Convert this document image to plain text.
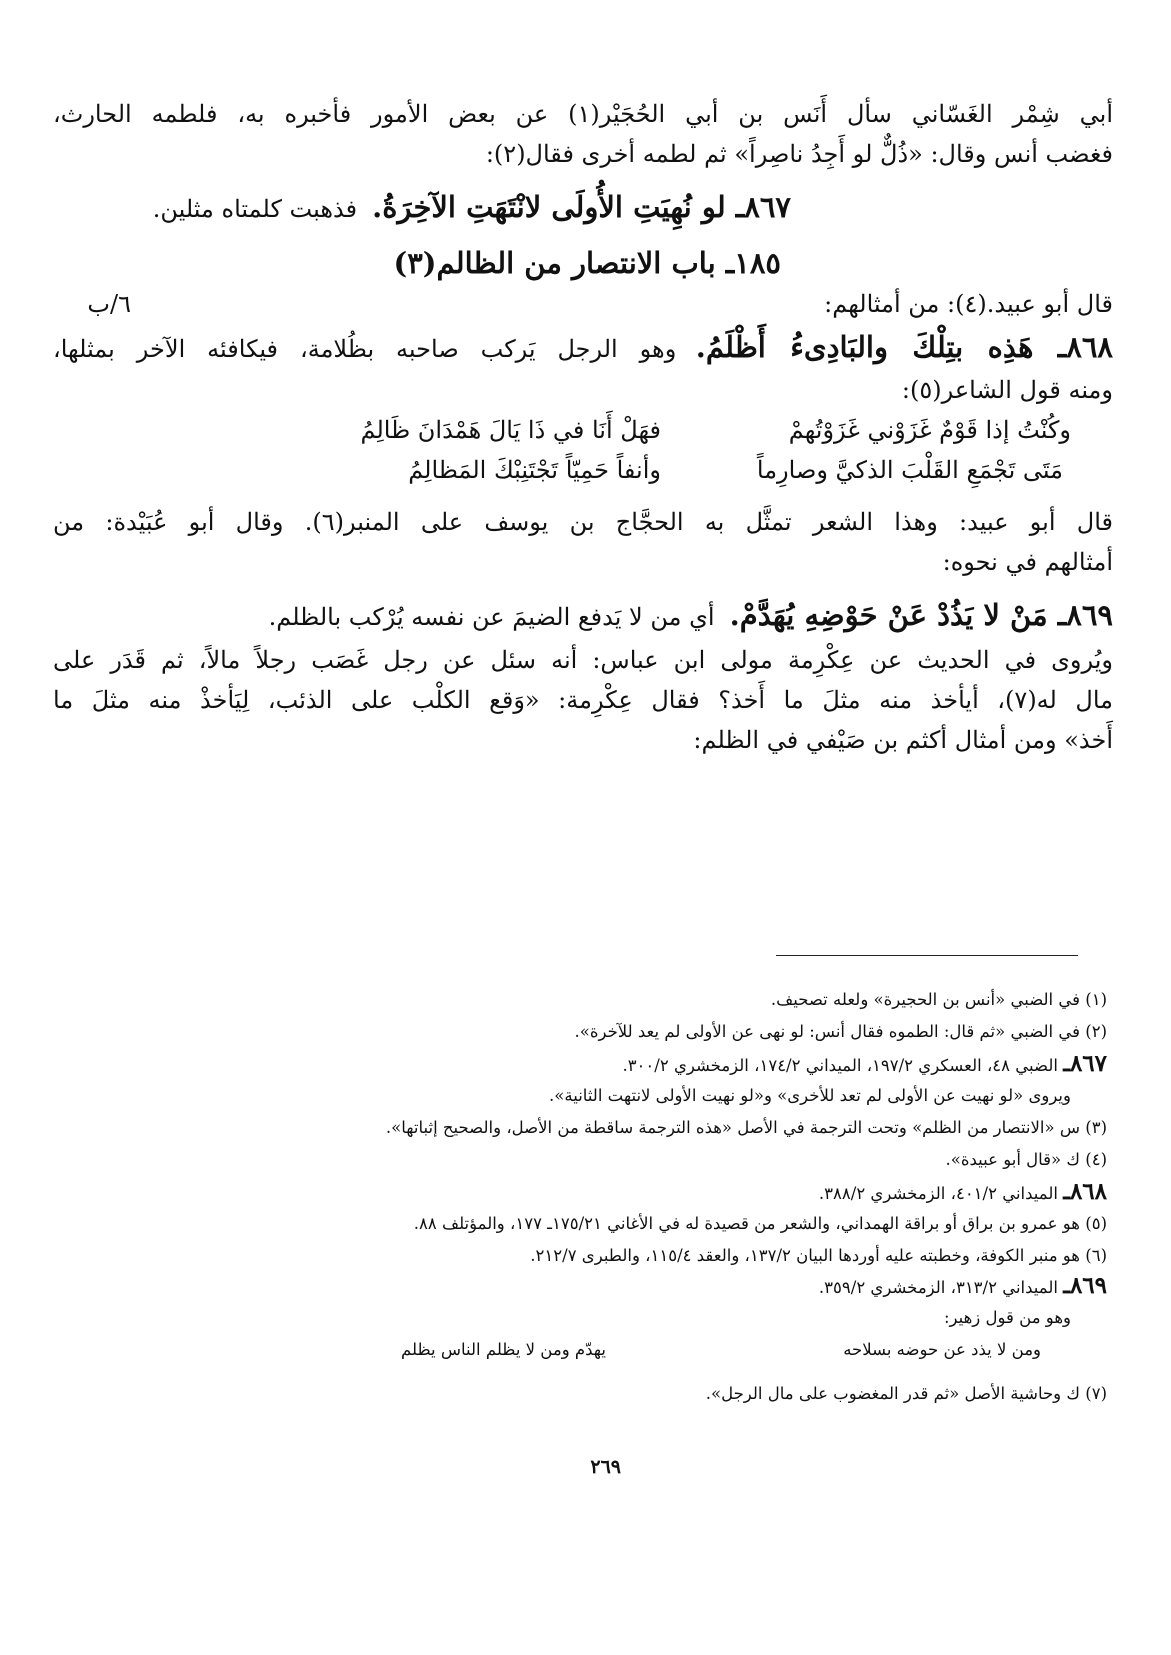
أبي شِمْر الغَسّاني سأل أَنَس بن أبي الحُجَيْر(١) عن بعض الأمور فأخبره به، فلطمه الحارث،
فغضب أنس وقال: «ذُلٌّ لو أَجِدُ ناصِراً» ثم لطمه أخرى فقال(٢):
٨٦٧ـ لو نُهِيَتِ الأُولَى لانْتَهَتِ الآخِرَةُ. فذهبت كلمتاه مثلين.
١٨٥ـ باب الانتصار من الظالم(٣)
٦/ب	قال أبو عبيد.(٤): من أمثالهم:
٨٦٨ـ هَذِه بتِلْكَ والبَادِىءُ أَظْلَمُ. وهو الرجل يَركب صاحبه بظُلامة، فيكافئه الآخر بمثلها،
ومنه قول الشاعر(٥):
وكُنْتُ إذا قَوْمٌ غَزَوْني غَزَوْتُهمْ
فهَلْ أَنَا في ذَا يَالَ هَمْدَانَ ظَالِمُ
مَتَى تَجْمَعِ القَلْبَ الذكيَّ وصارِماً
وأنفاً حَمِيّاً تَجْتَنِبْكَ المَظالِمُ
قال أبو عبيد: وهذا الشعر تمثَّل به الحجَّاج بن يوسف على المنبر(٦). وقال أبو عُبَيْدة: من
أمثالهم في نحوه:
٨٦٩ـ مَنْ لا يَذُدْ عَنْ حَوْضِهِ يُهَدَّمْ. أي من لا يَدفع الضيمَ عن نفسه يُرْكب بالظلم.
ويُروى في الحديث عن عِكْرِمة مولى ابن عباس: أنه سئل عن رجل غَصَب رجلاً مالاً، ثم قَدَر على
مال له(٧)، أيأخذ منه مثلَ ما أَخذ؟ فقال عِكْرِمة: «وَقع الكلْب على الذئب، لِيَأخذْ منه مثلَ ما
أَخذ» ومن أمثال أكثم بن صَيْفي في الظلم:
(١) في الضبي «أنس بن الحجيرة» ولعله تصحيف.
(٢) في الضبي «ثم قال: الطموه فقال أنس: لو نهى عن الأولى لم يعد للآخرة».
٨٦٧ـ الضبي ٤٨، العسكري ١٩٧/٢، الميداني ١٧٤/٢، الزمخشري ٣٠٠/٢.
ويروى «لو نهيت عن الأولى لم تعد للأخرى» و«لو نهيت الأولى لانتهت الثانية».
(٣) س «الانتصار من الظلم» وتحت الترجمة في الأصل «هذه الترجمة ساقطة من الأصل، والصحيح إثباتها».
(٤) ك «قال أبو عبيدة».
٨٦٨ـ الميداني ٤٠١/٢، الزمخشري ٣٨٨/٢.
(٥) هو عمرو بن براق أو براقة الهمداني، والشعر من قصيدة له في الأغاني ١٧٥/٢١ـ ١٧٧، والمؤتلف ٨٨.
(٦) هو منبر الكوفة، وخطبته عليه أوردها البيان ١٣٧/٢، والعقد ١١٥/٤، والطبرى ٢١٢/٧.
٨٦٩ـ الميداني ٣١٣/٢، الزمخشري ٣٥٩/٢.
وهو من قول زهير:
ومن لا يذد عن حوضه بسلاحه
يهدّم ومن لا يظلم الناس يظلم
(٧) ك وحاشية الأصل «ثم قدر المغضوب على مال الرجل».
٢٦٩
